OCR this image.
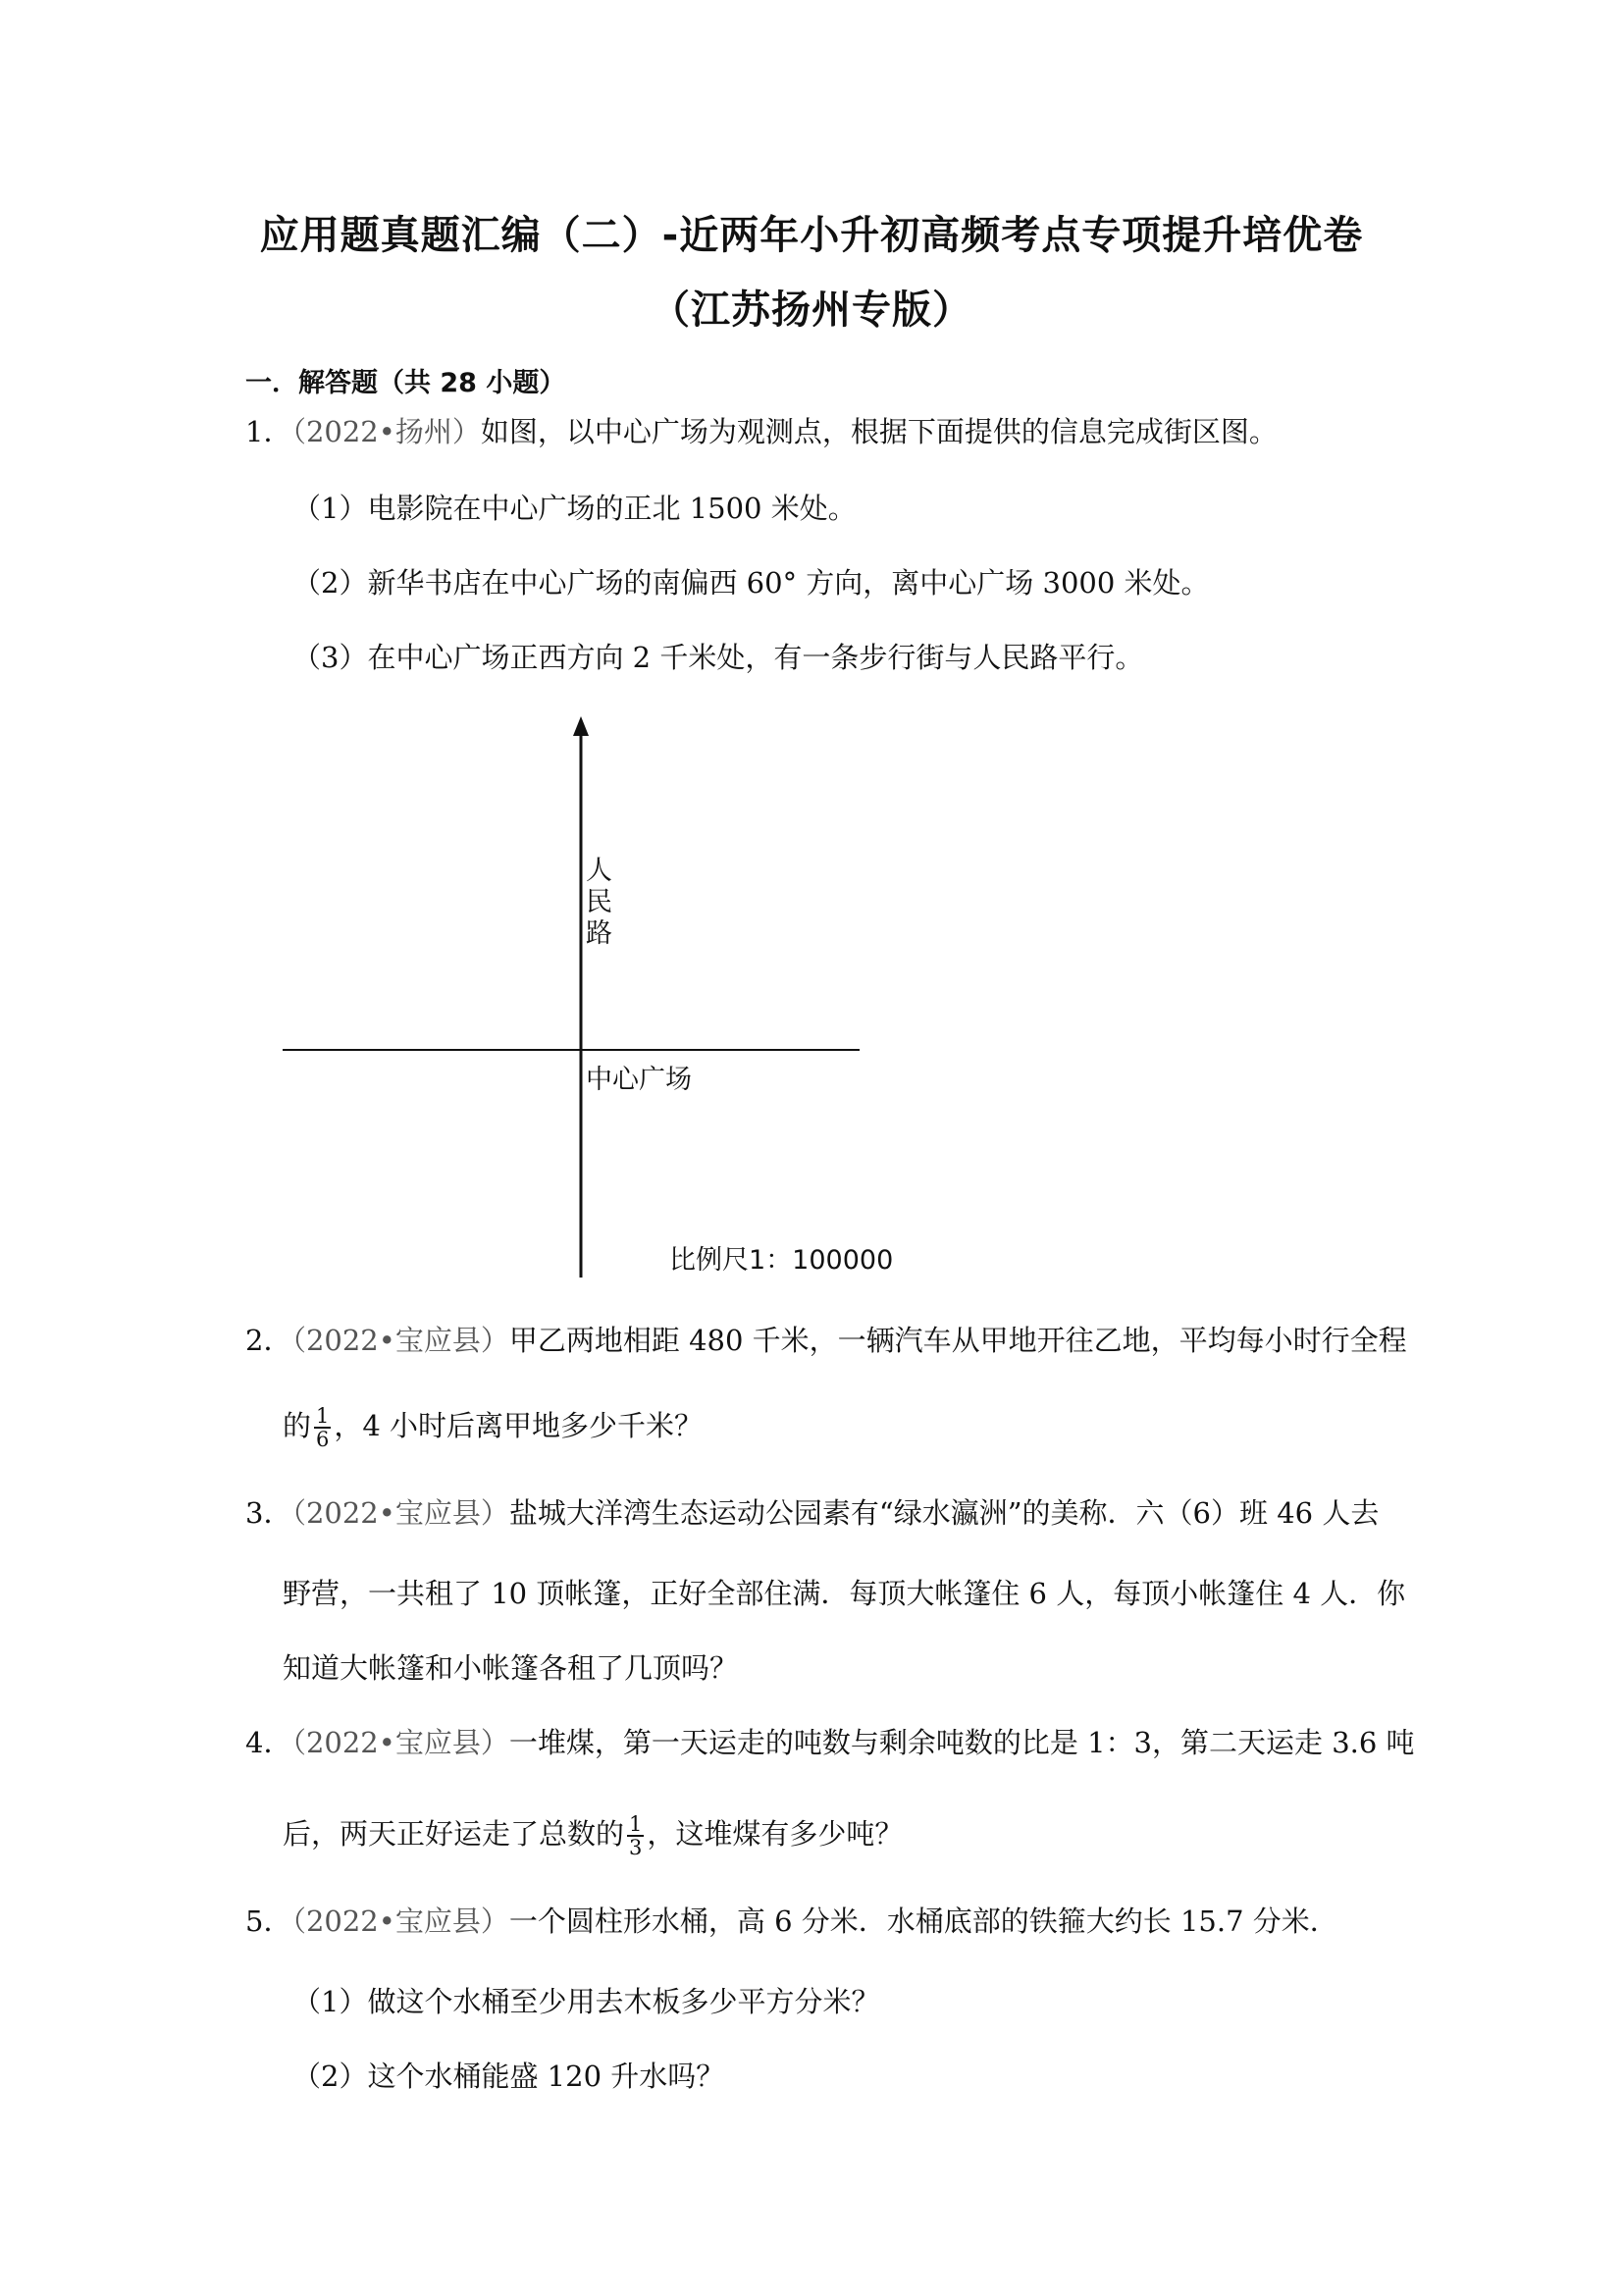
应用题真题汇编（二）-近两年小升初高频考点专项提升培优卷
（江苏扬州专版）
一．解答题（共 28 小题）
1．（2022•扬州）如图，以中心广场为观测点，根据下面提供的信息完成街区图。
（1）电影院在中心广场的正北 1500 米处。
（2）新华书店在中心广场的南偏西 60° 方向，离中心广场 3000 米处。
（3）在中心广场正西方向 2 千米处，有一条步行街与人民路平行。
人民路
中心广场
比例尺1：100000
2．（2022•宝应县）甲乙两地相距 480 千米，一辆汽车从甲地开往乙地，平均每小时行全程
的 $\frac{1}{6}$ ，4 小时后离甲地多少千米？
3．（2022•宝应县）盐城大洋湾生态运动公园素有“绿水瀛洲”的美称．六（6）班 46 人去
野营，一共租了 10 顶帐篷，正好全部住满．每顶大帐篷住 6 人，每顶小帐篷住 4 人．你
知道大帐篷和小帐篷各租了几顶吗？
4．（2022•宝应县）一堆煤，第一天运走的吨数与剩余吨数的比是 1：3，第二天运走 3.6 吨
后，两天正好运走了总数的 $\frac{1}{3}$ ，这堆煤有多少吨？
5．（2022•宝应县）一个圆柱形水桶，高 6 分米．水桶底部的铁箍大约长 15.7 分米．
（1）做这个水桶至少用去木板多少平方分米？
（2）这个水桶能盛 120 升水吗？
